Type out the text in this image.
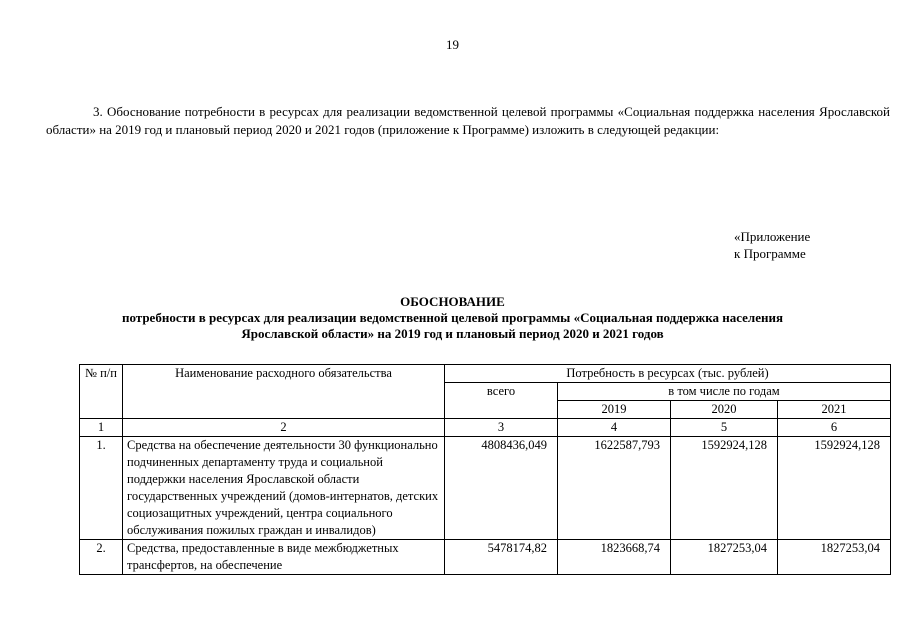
19

3. Обоснование потребности в ресурсах для реализации ведомственной целевой программы «Социальная поддержка населения Ярославской области» на 2019 год и плановый период 2020 и 2021 годов (приложение к Программе) изложить в следующей редакции:

«Приложение
к Программе
ОБОСНОВАНИЕ
потребности в ресурсах для реализации ведомственной целевой программы «Социальная поддержка населения
Ярославской области» на 2019 год и плановый период 2020 и 2021 годов
№ п/п	Наименование расходного обязательства	Потребность в ресурсах (тыс. рублей)			
		всего	в том числе по годам		
			2019	2020	2021
1	2	3	4	5	6
1.	Средства на обеспечение деятельности 30 функционально подчиненных департаменту труда и социальной поддержки населения Ярославской области государственных учреждений (домов-интернатов, детских социозащитных учреждений, центра социального обслуживания пожилых граждан и инвалидов)	4808436,049	1622587,793	1592924,128	1592924,128
2.	Средства, предоставленные в виде межбюджетных трансфертов, на обеспечение	5478174,82	1823668,74	1827253,04	1827253,04
